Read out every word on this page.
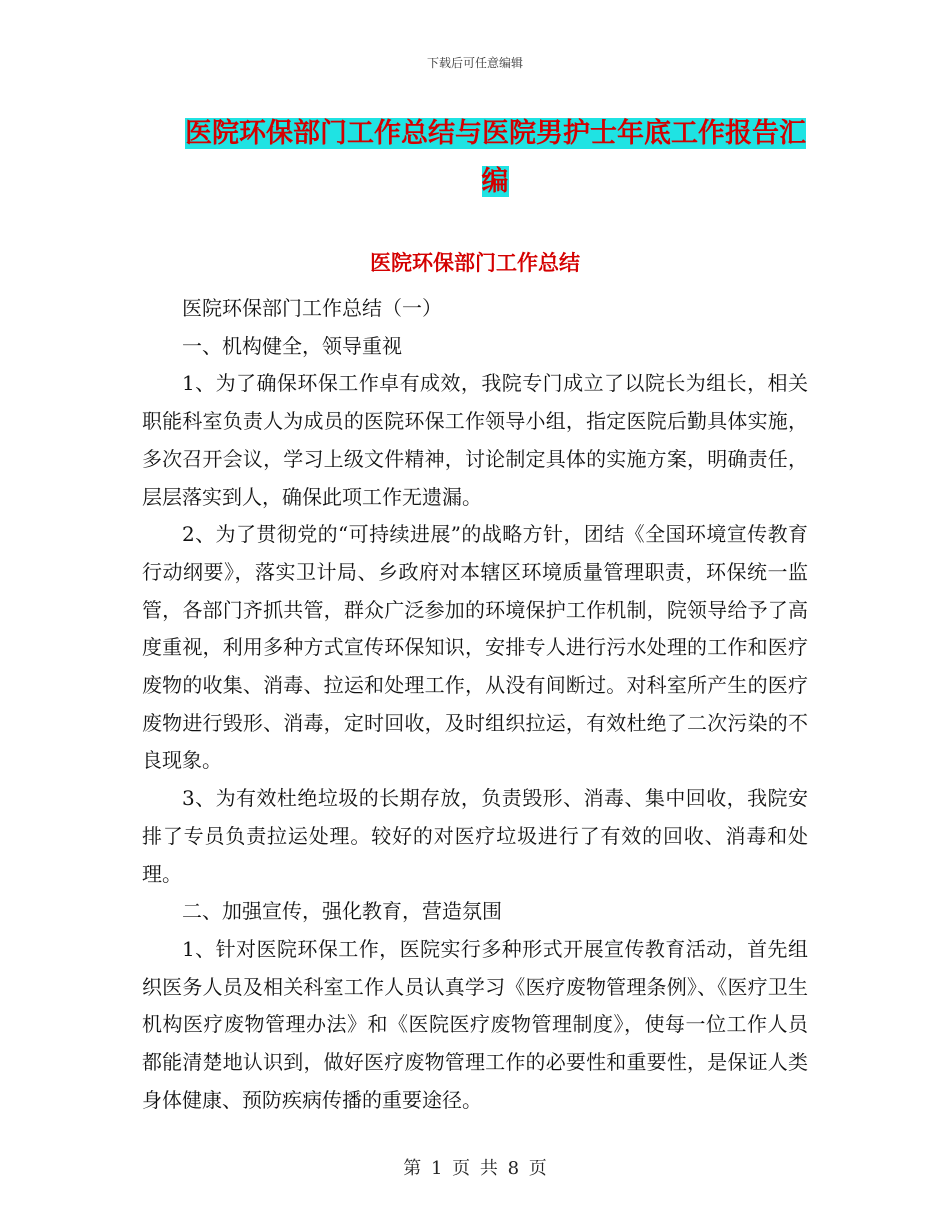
下载后可任意编辑
医院环保部门工作总结与医院男护士年底工作报告汇
编
医院环保部门工作总结

医院环保部门工作总结（一）

一、机构健全，领导重视

1、为了确保环保工作卓有成效，我院专门成立了以院长为组长，相关职能科室负责人为成员的医院环保工作领导小组，指定医院后勤具体实施，多次召开会议，学习上级文件精神，讨论制定具体的实施方案，明确责任，层层落实到人，确保此项工作无遗漏。

2、为了贯彻党的“可持续进展”的战略方针，团结《全国环境宣传教育行动纲要》，落实卫计局、乡政府对本辖区环境质量管理职责，环保统一监管，各部门齐抓共管，群众广泛参加的环境保护工作机制，院领导给予了高度重视，利用多种方式宣传环保知识，安排专人进行污水处理的工作和医疗废物的收集、消毒、拉运和处理工作，从没有间断过。对科室所产生的医疗废物进行毁形、消毒，定时回收，及时组织拉运，有效杜绝了二次污染的不良现象。

3、为有效杜绝垃圾的长期存放，负责毁形、消毒、集中回收，我院安排了专员负责拉运处理。较好的对医疗垃圾进行了有效的回收、消毒和处理。

二、加强宣传，强化教育，营造氛围

1、针对医院环保工作，医院实行多种形式开展宣传教育活动，首先组织医务人员及相关科室工作人员认真学习《医疗废物管理条例》、《医疗卫生机构医疗废物管理办法》和《医院医疗废物管理制度》，使每一位工作人员都能清楚地认识到，做好医疗废物管理工作的必要性和重要性，是保证人类身体健康、预防疾病传播的重要途径。

第 1 页 共 8 页
